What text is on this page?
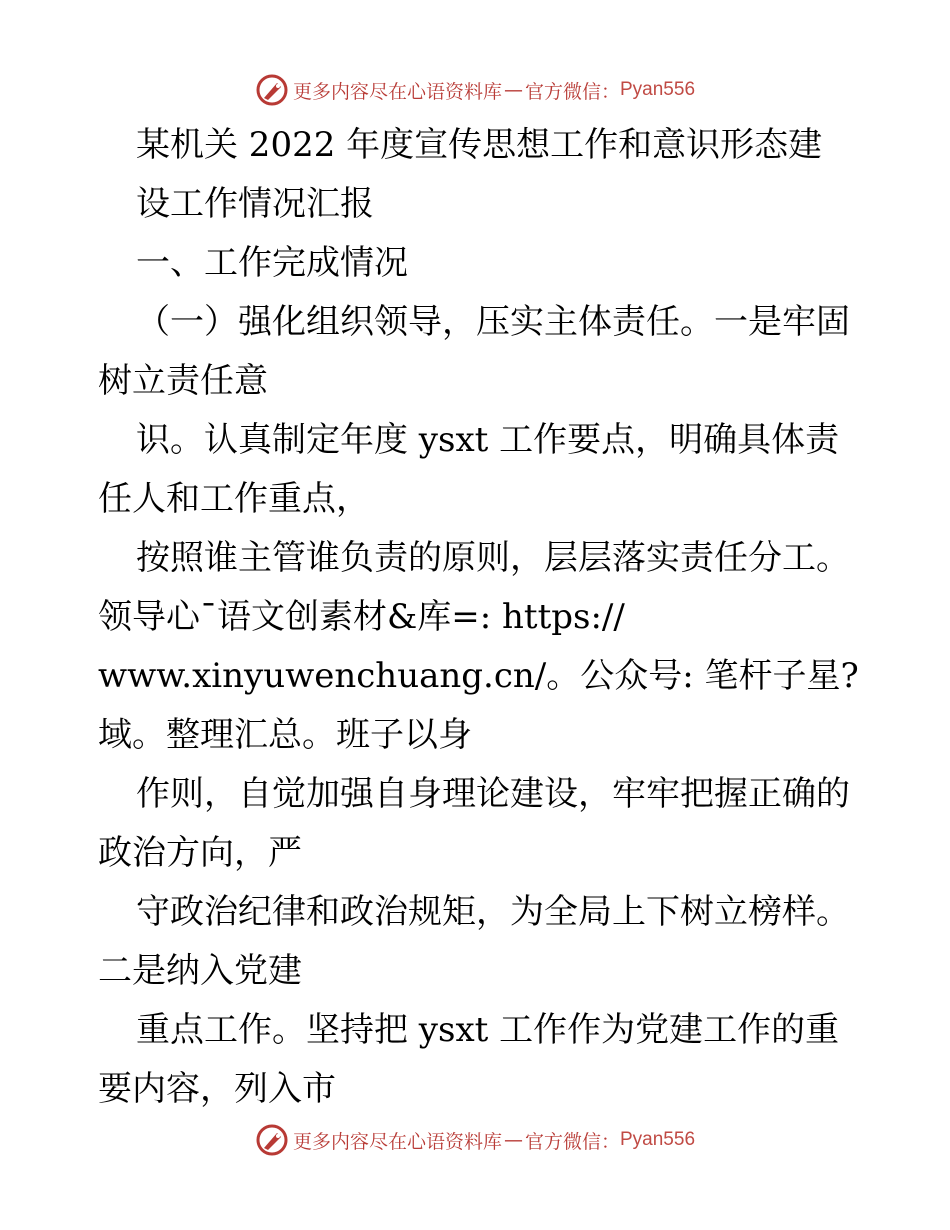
更多内容尽在心语资料库 — 官方微信： Pyan556
某机关 2022 年度宣传思想工作和意识形态建
设工作情况汇报
一、工作完成情况
（一）强化组织领导，压实主体责任。一是牢固
树立责任意
识。认真制定年度 ysxt 工作要点，明确具体责
任人和工作重点，
按照谁主管谁负责的原则，层层落实责任分工。
领导心¯语文创素材&库=: https://
www.xinyuwenchuang.cn/。公众号: 笔杆子星?
域。整理汇总。班子以身
作则，自觉加强自身理论建设，牢牢把握正确的
政治方向，严
守政治纪律和政治规矩，为全局上下树立榜样。
二是纳入党建
重点工作。坚持把 ysxt 工作作为党建工作的重
要内容，列入市
更多内容尽在心语资料库 — 官方微信： Pyan556
